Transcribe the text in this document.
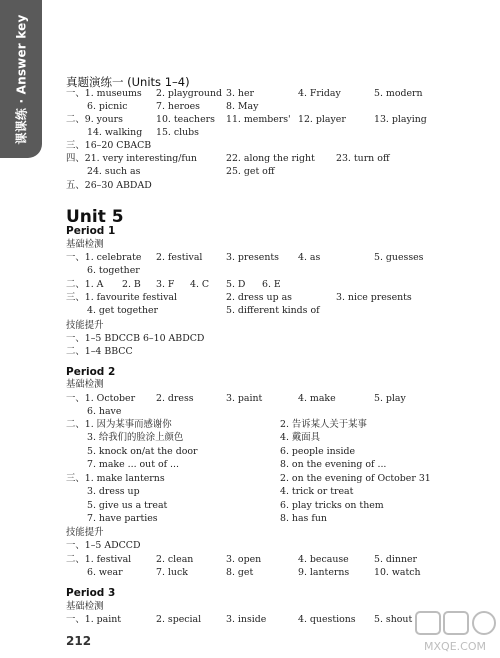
课课练 · Answer key	真题演练一 (Units 1–4)
一、1. museums 2. playground 3. her	4. Friday	5. modern
6. picnic	7. heroes	8. May
二、9. yours	10. teachers 11. members' 12. player	13. playing
14. walking 15. clubs
三、16–20 CBACB
四、21. very interesting/fun	22. along the right 23. turn off
24. such as	25. get off
五、26–30 ABDAD
Unit 5
Period 1
基础检测
一、1. celebrate 2. festival	3. presents 4. as	5. guesses
6. together
二、1. A 2. B 3. F 4. C 5. D 6. E
三、1. favourite festival	2. dress up as	3. nice presents
4. get together	5. different kinds of
技能提升
一、1–5 BDCCB 6–10 ABDCD
二、1–4 BBCC
Period 2
基础检测
一、1. October 2. dress	3. paint	4. make	5. play
6. have
二、1. 因为某事而感谢你	2. 告诉某人关于某事
3. 给我们的脸涂上颜色	4. 戴面具
5. knock on/at the door	6. people inside
7. make ... out of ...	8. on the evening of ...
三、1. make lanterns	2. on the evening of October 31
3. dress up	4. trick or treat
5. give us a treat	6. play tricks on them
7. have parties	8. has fun
技能提升
一、1–5 ADCCD
二、1. festival	2. clean	3. open	4. because	5. dinner
6. wear	7. luck	8. get	9. lanterns	10. watch
Period 3
基础检测
一、1. paint	2. special	3. inside	4. questions 5. shout
212	MXQE.COM
